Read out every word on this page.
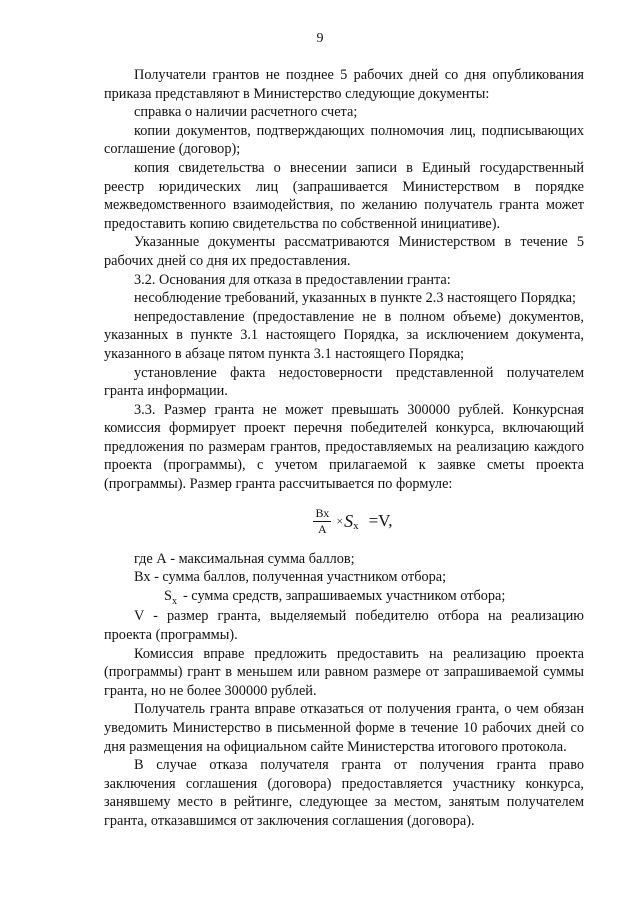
9

Получатели грантов не позднее 5 рабочих дней со дня опубликования приказа представляют в Министерство следующие документы:

справка о наличии расчетного счета;

копии документов, подтверждающих полномочия лиц, подписывающих соглашение (договор);

копия свидетельства о внесении записи в Единый государственный реестр юридических лиц (запрашивается Министерством в порядке межведомственного взаимодействия, по желанию получатель гранта может предоставить копию свидетельства по собственной инициативе).

Указанные документы рассматриваются Министерством в течение 5 рабочих дней со дня их предоставления.

3.2. Основания для отказа в предоставлении гранта:

несоблюдение требований, указанных в пункте 2.3 настоящего Порядка;

непредоставление (предоставление не в полном объеме) документов, указанных в пункте 3.1 настоящего Порядка, за исключением документа, указанного в абзаце пятом пункта 3.1 настоящего Порядка;

установление факта недостоверности представленной получателем гранта информации.

3.3. Размер гранта не может превышать 300000 рублей. Конкурсная комиссия формирует проект перечня победителей конкурса, включающий предложения по размерам грантов, предоставляемых на реализацию каждого проекта (программы), с учетом прилагаемой к заявке сметы проекта (программы). Размер гранта рассчитывается по формуле:

$\frac{Вх}{А} \times S$ x =V,

где А - максимальная сумма баллов;

Вх - сумма баллов, полученная участником отбора;

$S_x$ - сумма средств, запрашиваемых участником отбора;

V - размер гранта, выделяемый победителю отбора на реализацию проекта (программы).

Комиссия вправе предложить предоставить на реализацию проекта (программы) грант в меньшем или равном размере от запрашиваемой суммы гранта, но не более 300000 рублей.

Получатель гранта вправе отказаться от получения гранта, о чем обязан уведомить Министерство в письменной форме в течение 10 рабочих дней со дня размещения на официальном сайте Министерства итогового протокола.

В случае отказа получателя гранта от получения гранта право заключения соглашения (договора) предоставляется участнику конкурса, занявшему место в рейтинге, следующее за местом, занятым получателем гранта, отказавшимся от заключения соглашения (договора).
